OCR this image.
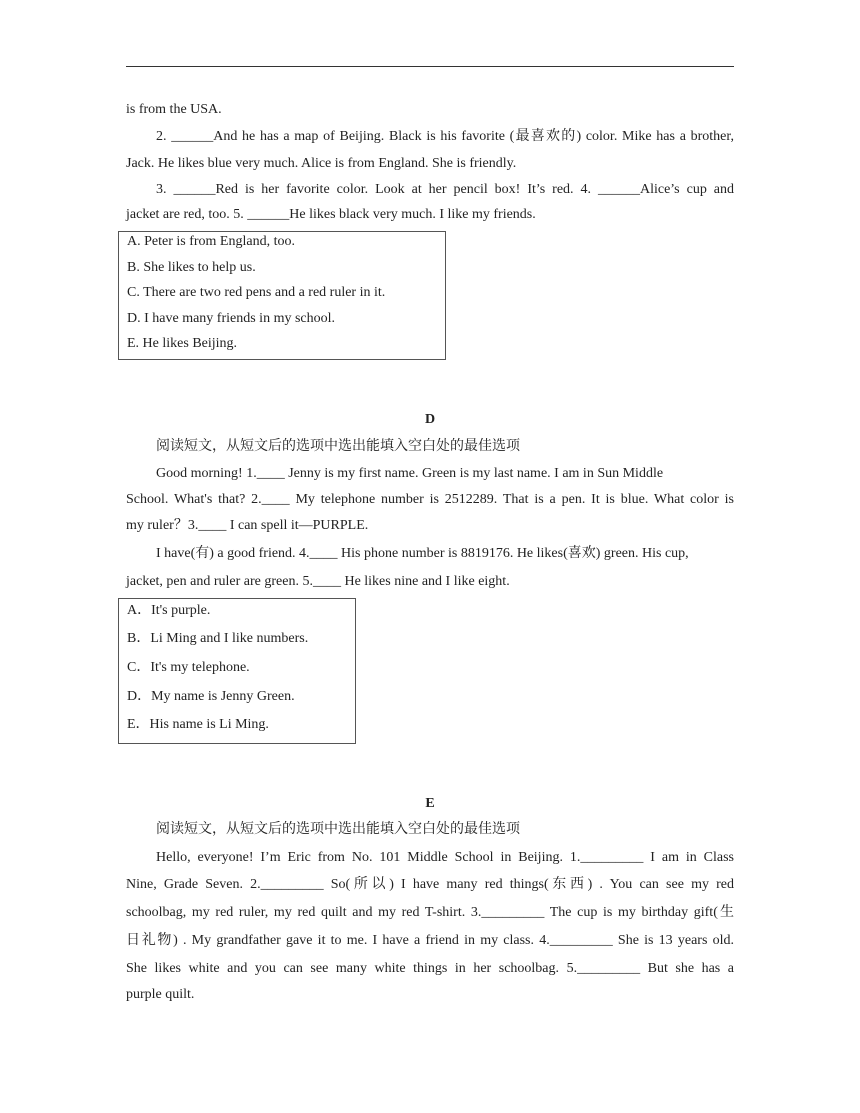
is from the USA.
2. ______And he has a map of Beijing. Black is his favorite (最喜欢的) color. Mike has a brother,
Jack. He likes blue very much. Alice is from England. She is friendly.
3. ______Red is her favorite color. Look at her pencil box! It’s red. 4. ______Alice’s cup and
jacket are red, too. 5. ______He likes black very much. I like my friends.
A. Peter is from England, too.
B. She likes to help us.
C. There are two red pens and a red ruler in it.
D. I have many friends in my school.
E. He likes Beijing.
D
阅读短文，从短文后的选项中选出能填入空白处的最佳选项
Good morning! 1.____ Jenny is my first name. Green is my last name. I am in Sun Middle
School. What's that? 2.____ My telephone number is 2512289. That is a pen. It is blue. What color is
my ruler？3.____ I can spell it—PURPLE.
I have(有) a good friend. 4.____ His phone number is 8819176. He likes(喜欢) green. His cup,
jacket, pen and ruler are green. 5.____ He likes nine and I like eight.
A．It's purple.
B．Li Ming and I like numbers.
C．It's my telephone.
D．My name is Jenny Green.
E．His name is Li Ming.
E
阅读短文，从短文后的选项中选出能填入空白处的最佳选项
Hello, everyone! I’m Eric from No. 101 Middle School in Beijing. 1._________ I am in Class
Nine, Grade Seven. 2._________ So(所以) I have many red things(东西) . You can see my red
schoolbag, my red ruler, my red quilt and my red T-shirt. 3._________ The cup is my birthday gift(生
日礼物) . My grandfather gave it to me. I have a friend in my class. 4._________ She is 13 years old.
She likes white and you can see many white things in her schoolbag. 5._________ But she has a
purple quilt.
